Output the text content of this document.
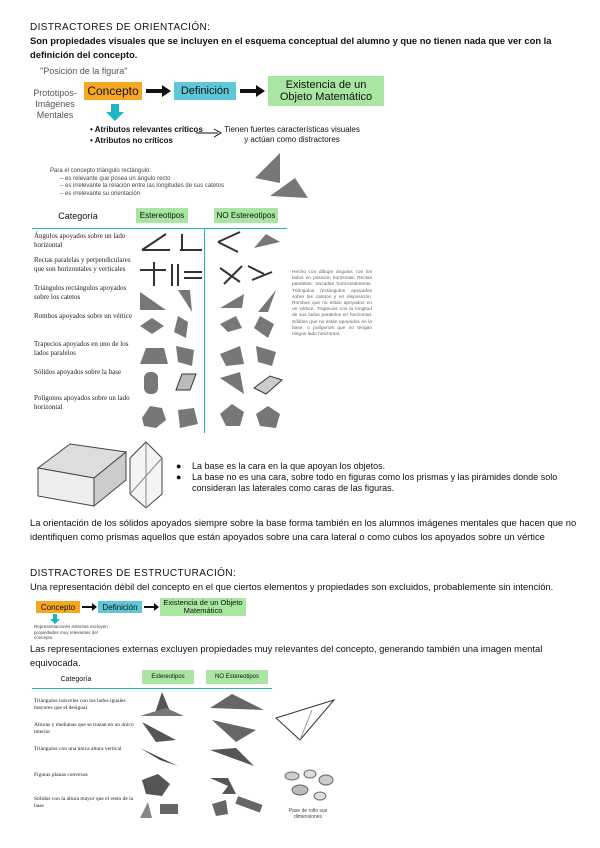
DISTRACTORES DE ORIENTACIÓN:
Son propiedades visuales que se incluyen en el esquema conceptual del alumno y que no tienen nada que ver con la definición del concepto.
"Posición de la figura"
Prototipos- Imágenes Mentales
Concepto	Definición	Existencia de un Objeto Matemático
• Atributos relevantes críticos
• Atributos no críticos
Tienen fuertes características visuales y actúan como distractores
Para el concepto triángulo rectángulo:
– es relevante que posea un ángulo recto
– es irrelevante la relación entre las longitudes de sus catetos
– es irrelevante su orientación
Categoría	Estereotipos	NO Estereotipos
Ángulos apoyados sobre un lado horizontal
Rectas paralelas y perpendiculares que son horizontales y verticales
Triángulos rectángulos apoyados sobre los catetos
Rombos apoyados sobre un vértice
Trapecios apoyados en uno de los lados paralelos
Sólidos apoyados sobre la base
Polígonos apoyados sobre un lado horizontal
Hecho con dibujar ángulos con los lados en posición horizontal. Rectas paralelas: trazadas horizontalmente. Triángulos rectángulos apoyados sobre los catetos y en disposición. Rombos que no están apoyados en un vértice. Trapecios con la longitud de sus lados paralelos en horizontal. Sólidos que no están apoyados en la base, o polígonos que no tengan ningún lado horizontal.
●	La base es la cara en la que apoyan los objetos.
●	La base no es una cara, sobre todo en figuras como los prismas y las pirámides donde solo consideran las laterales como caras de las figuras.
La orientación de los sólidos apoyados siempre sobre la base forma también en los alumnos imágenes mentales que hacen que no identifiquen como prismas aquellos que están apoyados sobre una cara lateral o como cubos los apoyados sobre un vértice
DISTRACTORES DE ESTRUCTURACIÓN:
Una representación débil del concepto en el que ciertos elementos y propiedades son excluidos, probablemente sin intención.
Concepto	Definición	Existencia de un Objeto Matemático
Representaciones externas excluyen propiedades muy relevantes del concepto
Las representaciones externas excluyen propiedades muy relevantes del concepto, generando también una imagen mental equivocada.
Categoría	Estereotipos	NO Estereotipos
Triángulos isósceles con los lados iguales mayores que el desigual
Alturas y medianas que se trazan en un único interior
Triángulos con una única altura vertical
Figuras planas convexas
Sólidos con la altura mayor que el resto de la base
Pase de rollo sus dimensiones
